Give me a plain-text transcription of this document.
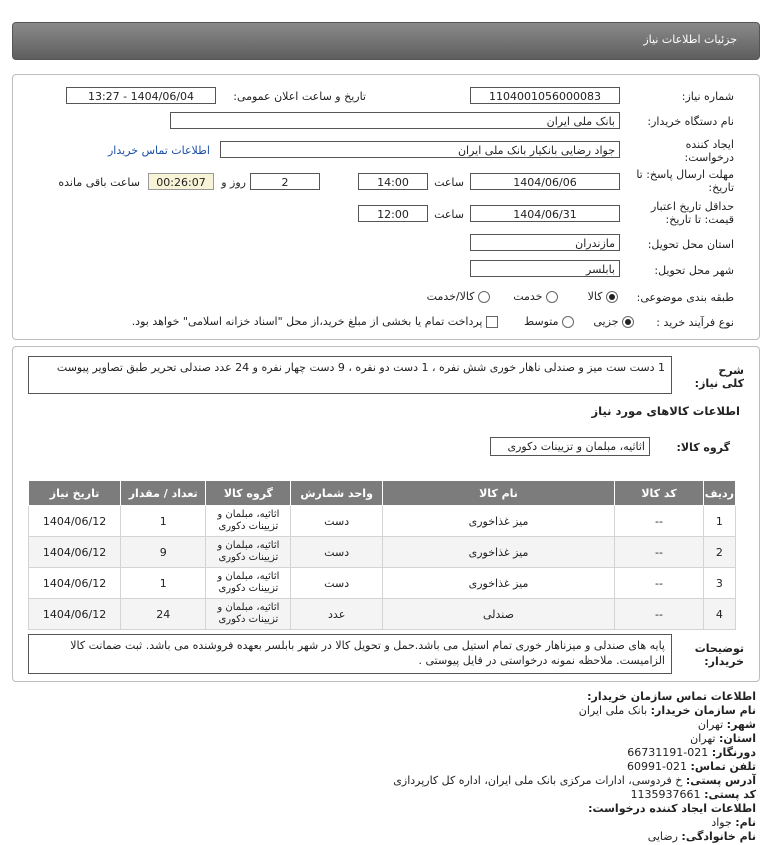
جزئیات اطلاعات نیاز
شماره نیاز:
1104001056000083
تاریخ و ساعت اعلان عمومی:
1404/06/04 - 13:27
نام دستگاه خریدار:
بانک ملی ایران
ایجاد کننده درخواست:
جواد رضایی بانکیار بانک ملی ایران
اطلاعات تماس خریدار
مهلت ارسال پاسخ: تا تاریخ:
1404/06/06
ساعت
14:00
2
روز و
00:26:07
ساعت باقی مانده
حداقل تاریخ اعتبار قیمت: تا تاریخ:
1404/06/31
ساعت
12:00
استان محل تحویل:
مازندران
شهر محل تحویل:
بابلسر
طبقه بندی موضوعی:
کالا
خدمت
کالا/خدمت
نوع فرآیند خرید :
جزیی
متوسط
پرداخت تمام یا بخشی از مبلغ خرید،از محل "اسناد خزانه اسلامی" خواهد بود.
شرح کلی نیاز:
1 دست ست میز و صندلی ناهار خوری شش نفره ، 1 دست دو نفره ، 9 دست چهار نفره و 24 عدد صندلی تحریر طبق تصاویر پیوست
اطلاعات کالاهای مورد نیاز
گروه کالا:
اثاثیه، مبلمان و تزیینات دکوری
ردیف	کد کالا	نام کالا	واحد شمارش	گروه کالا	تعداد / مقدار	تاریخ نیاز
1	--	میز غذاخوری	دست	اثاثیه، مبلمان و تزیینات دکوری	1	1404/06/12
2	--	میز غذاخوری	دست	اثاثیه، مبلمان و تزیینات دکوری	9	1404/06/12
3	--	میز غذاخوری	دست	اثاثیه، مبلمان و تزیینات دکوری	1	1404/06/12
4	--	صندلی	عدد	اثاثیه، مبلمان و تزیینات دکوری	24	1404/06/12
توضیحات خریدار:
پایه های صندلی و میزناهار خوری تمام استیل می باشد.حمل و تحویل کالا در شهر بابلسر بعهده فروشنده می باشد. ثبت ضمانت کالا الزامیست. ملاحظه نمونه درخواستی در فایل پیوستی .
اطلاعات تماس سازمان خریدار:
نام سازمان خریدار: بانک ملی ایران
شهر: تهران
استان: تهران
دورنگار: 021-66731191
تلفن تماس: 021-60991
آدرس پستی: خ فردوسی، ادارات مرکزی بانک ملی ایران، اداره کل کارپردازی
کد پستی: 1135937661
اطلاعات ایجاد کننده درخواست:
نام: جواد
نام خانوادگی: رضایی
